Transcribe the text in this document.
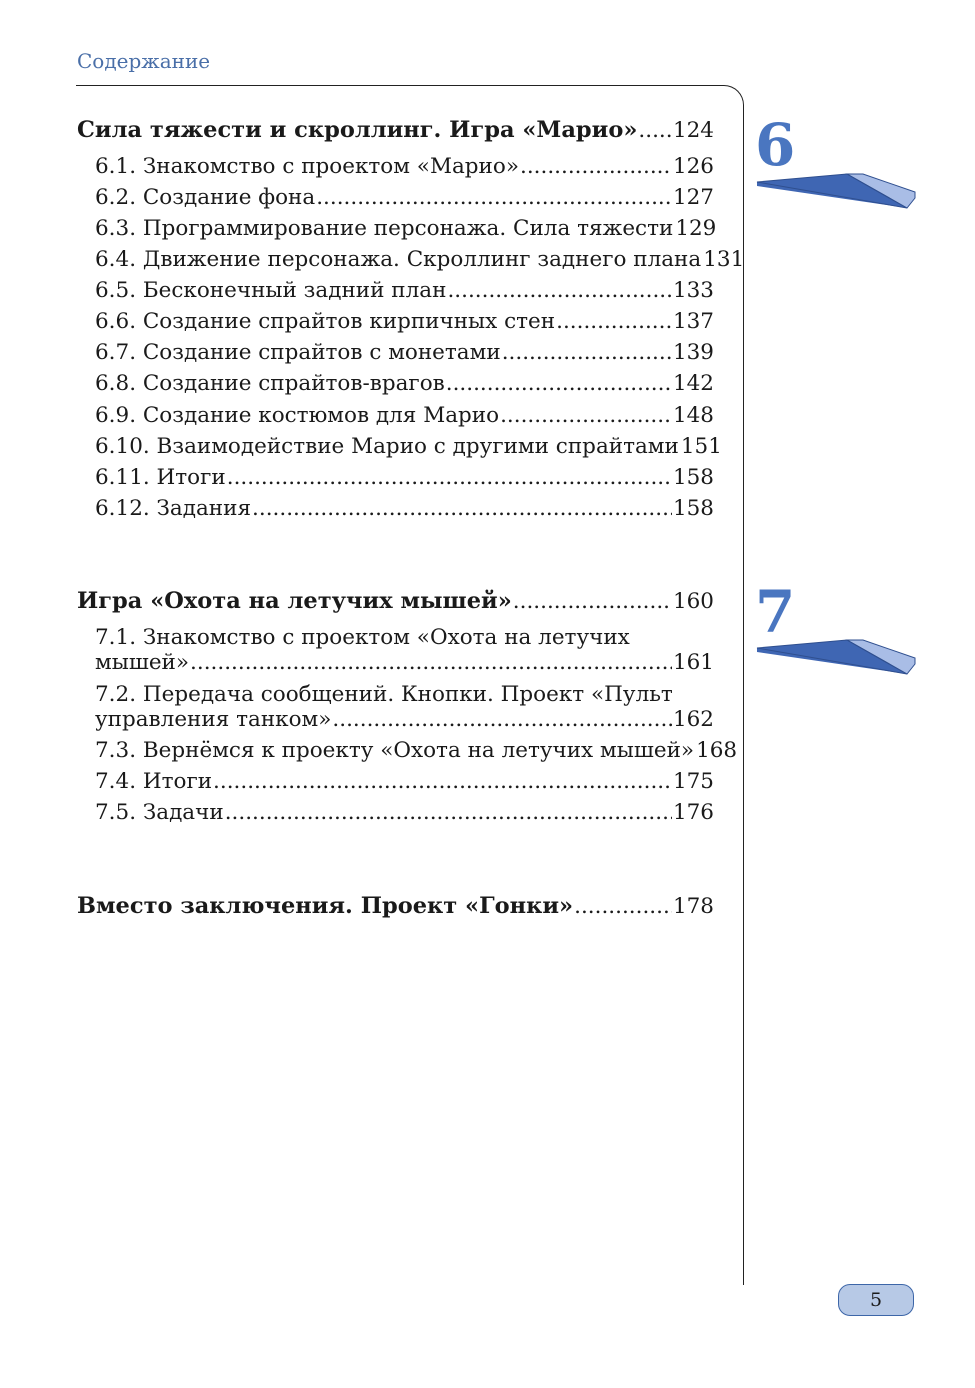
Содержание
Сила тяжести и скроллинг. Игра «Марио» ..... 124
6.1. Знакомство с проектом «Марио» .....	126
6.2. Создание фона .....	127
6.3. Программирование персонажа. Сила тяжести 129
6.4. Движение персонажа. Скроллинг заднего плана 131
6.5. Бесконечный задний план .....	133
6.6. Создание спрайтов кирпичных стен .....	137
6.7. Создание спрайтов с монетами .....	139
6.8. Создание спрайтов-врагов .....	142
6.9. Создание костюмов для Марио .....	148
6.10. Взаимодействие Марио с другими спрайтами 151
6.11. Итоги .....	158
6.12. Задания .....	158
Игра «Охота на летучих мышей» .....	160
7.1. Знакомство с проектом «Охота на летучих
мышей» .....	161
7.2. Передача сообщений. Кнопки. Проект «Пульт
управления танком» .....	162
7.3. Вернёмся к проекту «Охота на летучих мышей» 168
7.4. Итоги .....	175
7.5. Задачи .....	176
Вместо заключения. Проект «Гонки» .....	178
6
7
5
